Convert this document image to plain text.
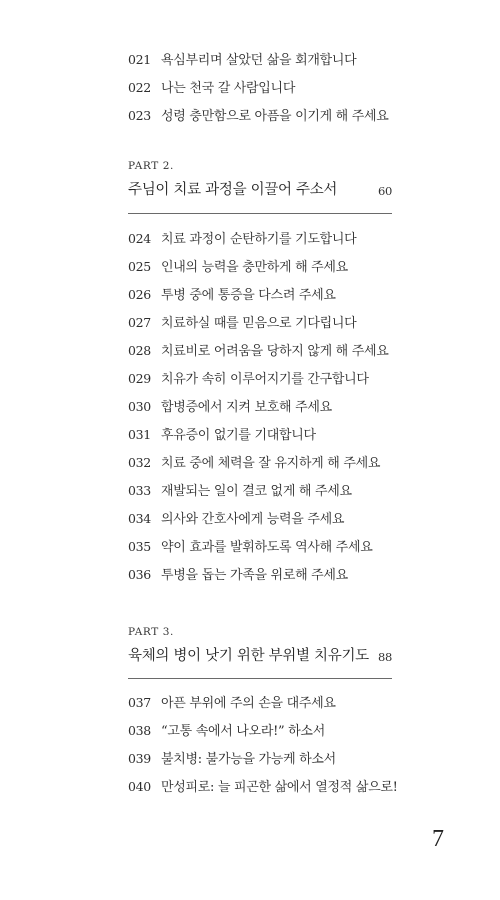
021 욕심부리며 살았던 삶을 회개합니다
022 나는 천국 갈 사람입니다
023 성령 충만함으로 아픔을 이기게 해 주세요
PART 2.
주님이 치료 과정을 이끌어 주소서	60
024 치료 과정이 순탄하기를 기도합니다
025 인내의 능력을 충만하게 해 주세요
026 투병 중에 통증을 다스려 주세요
027 치료하실 때를 믿음으로 기다립니다
028 치료비로 어려움을 당하지 않게 해 주세요
029 치유가 속히 이루어지기를 간구합니다
030 합병증에서 지켜 보호해 주세요
031 후유증이 없기를 기대합니다
032 치료 중에 체력을 잘 유지하게 해 주세요
033 재발되는 일이 결코 없게 해 주세요
034 의사와 간호사에게 능력을 주세요
035 약이 효과를 발휘하도록 역사해 주세요
036 투병을 돕는 가족을 위로해 주세요
PART 3.
육체의 병이 낫기 위한 부위별 치유기도 88
037 아픈 부위에 주의 손을 대주세요
038 “고통 속에서 나오라!” 하소서
039 불치병: 불가능을 가능케 하소서
040 만성피로: 늘 피곤한 삶에서 열정적 삶으로!
7
